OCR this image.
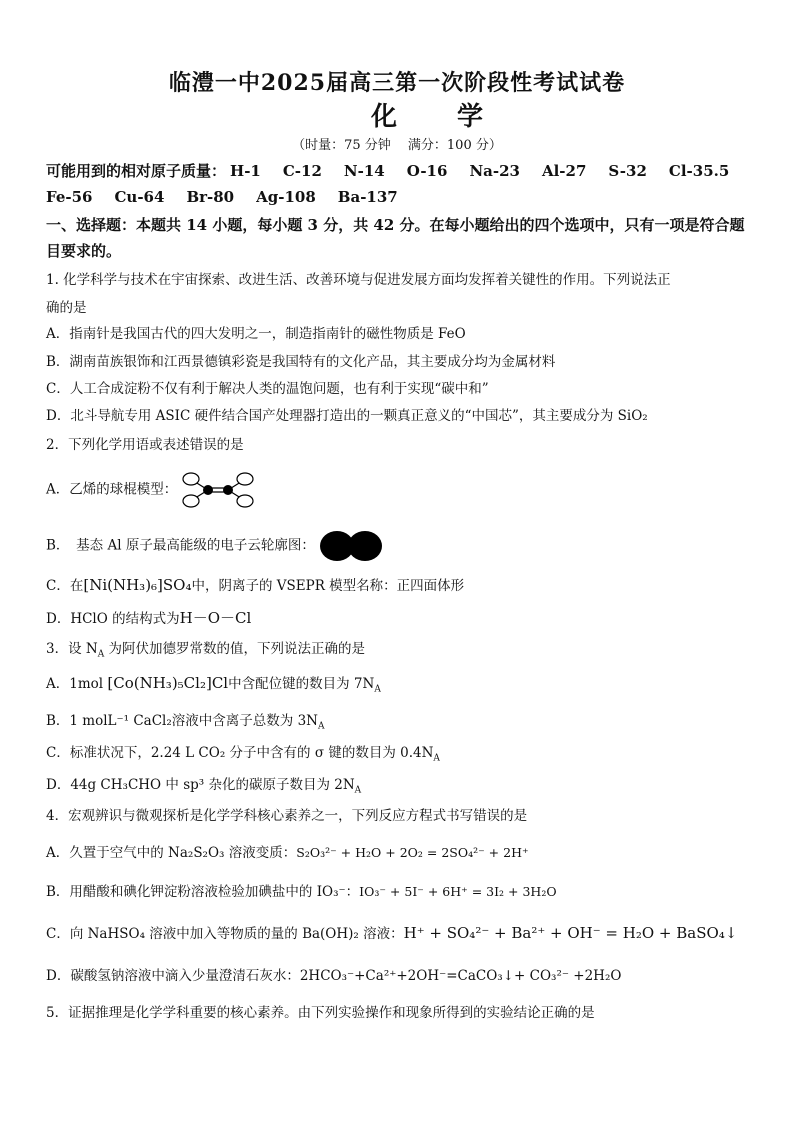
临澧一中2025届高三第一次阶段性考试试卷
化学
（时量：75 分钟　 满分：100 分）
可能用到的相对原子质量： H-1 C-12 N-14 O-16 Na-23 Al-27 S-32 Cl-35.5
Fe-56 Cu-64 Br-80 Ag-108 Ba-137
一、选择题：本题共 14 小题，每小题 3 分，共 42 分。在每小题给出的四个选项中，只有一项是符合题目要求的。
1. 化学科学与技术在宇宙探索、改进生活、改善环境与促进发展方面均发挥着关键性的作用。下列说法正
确的是
A．指南针是我国古代的四大发明之一，制造指南针的磁性物质是 FeO
B．湖南苗族银饰和江西景德镇彩瓷是我国特有的文化产品，其主要成分均为金属材料
C．人工合成淀粉不仅有利于解决人类的温饱问题，也有利于实现“碳中和”
D．北斗导航专用 ASIC 硬件结合国产处理器打造出的一颗真正意义的“中国芯”，其主要成分为 SiO₂
2．下列化学用语或表述错误的是
A．乙烯的球棍模型：
B．　基态 Al 原子最高能级的电子云轮廓图：
C．在[Ni(NH₃)₆]SO₄中，阴离子的 VSEPR 模型名称：正四面体形
D．HClO 的结构式为H－O－Cl
3．设 $N_A$ 为阿伏加德罗常数的值，下列说法正确的是
A．1mol [Co(NH₃)₅Cl₂]Cl中含配位键的数目为 $7N_A$
B．1 molL⁻¹ CaCl₂溶液中含离子总数为 $3N_A$
C．标准状况下，2.24 L CO₂ 分子中含有的 σ 键的数目为 $0.4N_A$
D．44g CH₃CHO 中 sp³ 杂化的碳原子数目为 $2N_A$
4．宏观辨识与微观探析是化学学科核心素养之一，下列反应方程式书写错误的是
A．久置于空气中的 Na₂S₂O₃ 溶液变质：S₂O₃²⁻ + H₂O + 2O₂ = 2SO₄²⁻ + 2H⁺
B．用醋酸和碘化钾淀粉溶液检验加碘盐中的 IO₃⁻：IO₃⁻ + 5I⁻ + 6H⁺ = 3I₂ + 3H₂O
C．向 NaHSO₄ 溶液中加入等物质的量的 Ba(OH)₂ 溶液：H⁺ + SO₄²⁻ + Ba²⁺ + OH⁻ = H₂O + BaSO₄↓
D．碳酸氢钠溶液中滴入少量澄清石灰水：2HCO₃⁻+Ca²⁺+2OH⁻=CaCO₃↓+ CO₃²⁻ +2H₂O
5．证据推理是化学学科重要的核心素养。由下列实验操作和现象所得到的实验结论正确的是
